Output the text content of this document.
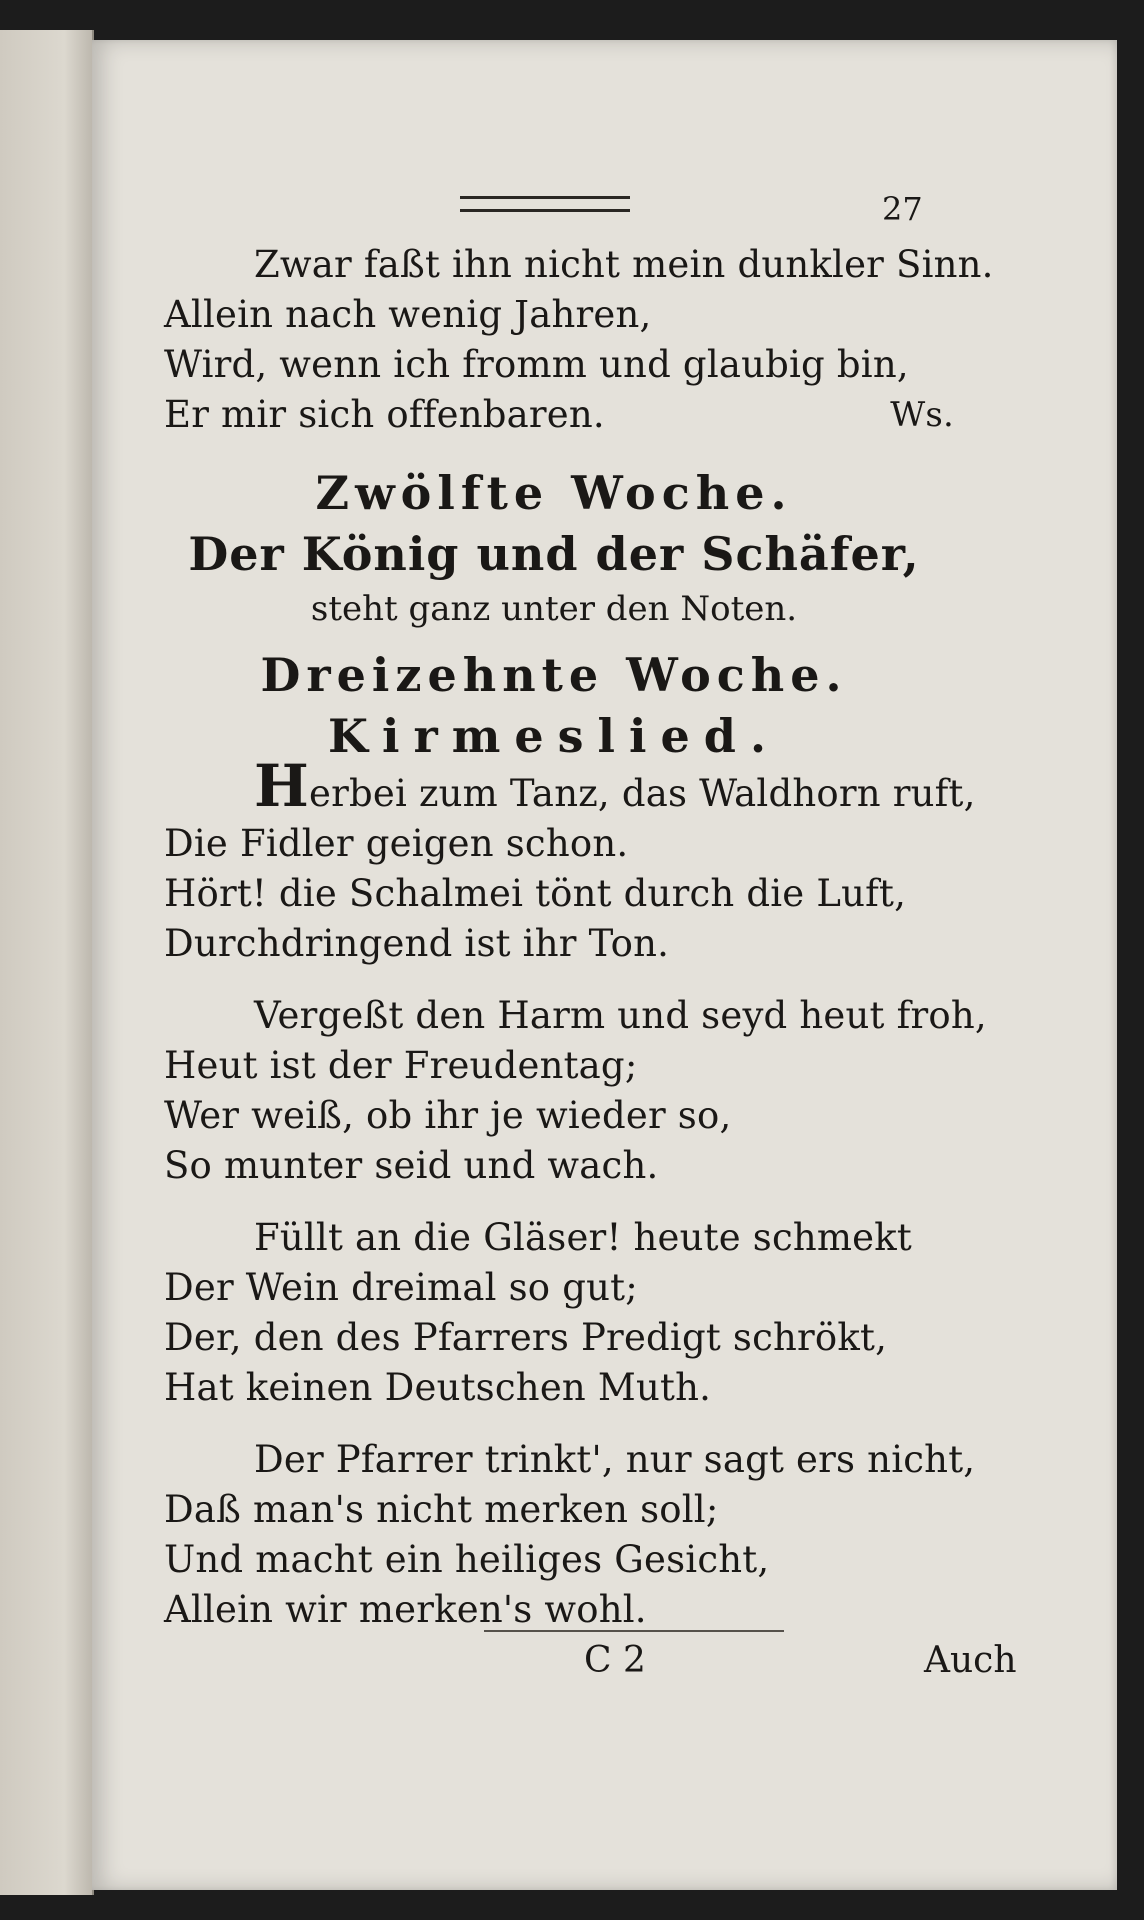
27
Zwar faßt ihn nicht mein dunkler Sinn.
Allein nach wenig Jahren,
Wird, wenn ich fromm und glaubig bin,
Er mir sich offenbaren.	Ws.
Zwölfte Woche.
Der König und der Schäfer,
steht ganz unter den Noten.
Dreizehnte Woche.
Kirmeslied.
Herbei zum Tanz, das Waldhorn ruft,
Die Fidler geigen schon.
Hört! die Schalmei tönt durch die Luft,
Durchdringend ist ihr Ton.
Vergeßt den Harm und seyd heut froh,
Heut ist der Freudentag;
Wer weiß, ob ihr je wieder so,
So munter seid und wach.
Füllt an die Gläser! heute schmekt
Der Wein dreimal so gut;
Der, den des Pfarrers Predigt schrökt,
Hat keinen Deutschen Muth.
Der Pfarrer trinkt', nur sagt ers nicht,
Daß man's nicht merken soll;
Und macht ein heiliges Gesicht,
Allein wir merken's wohl.
C 2	Auch
